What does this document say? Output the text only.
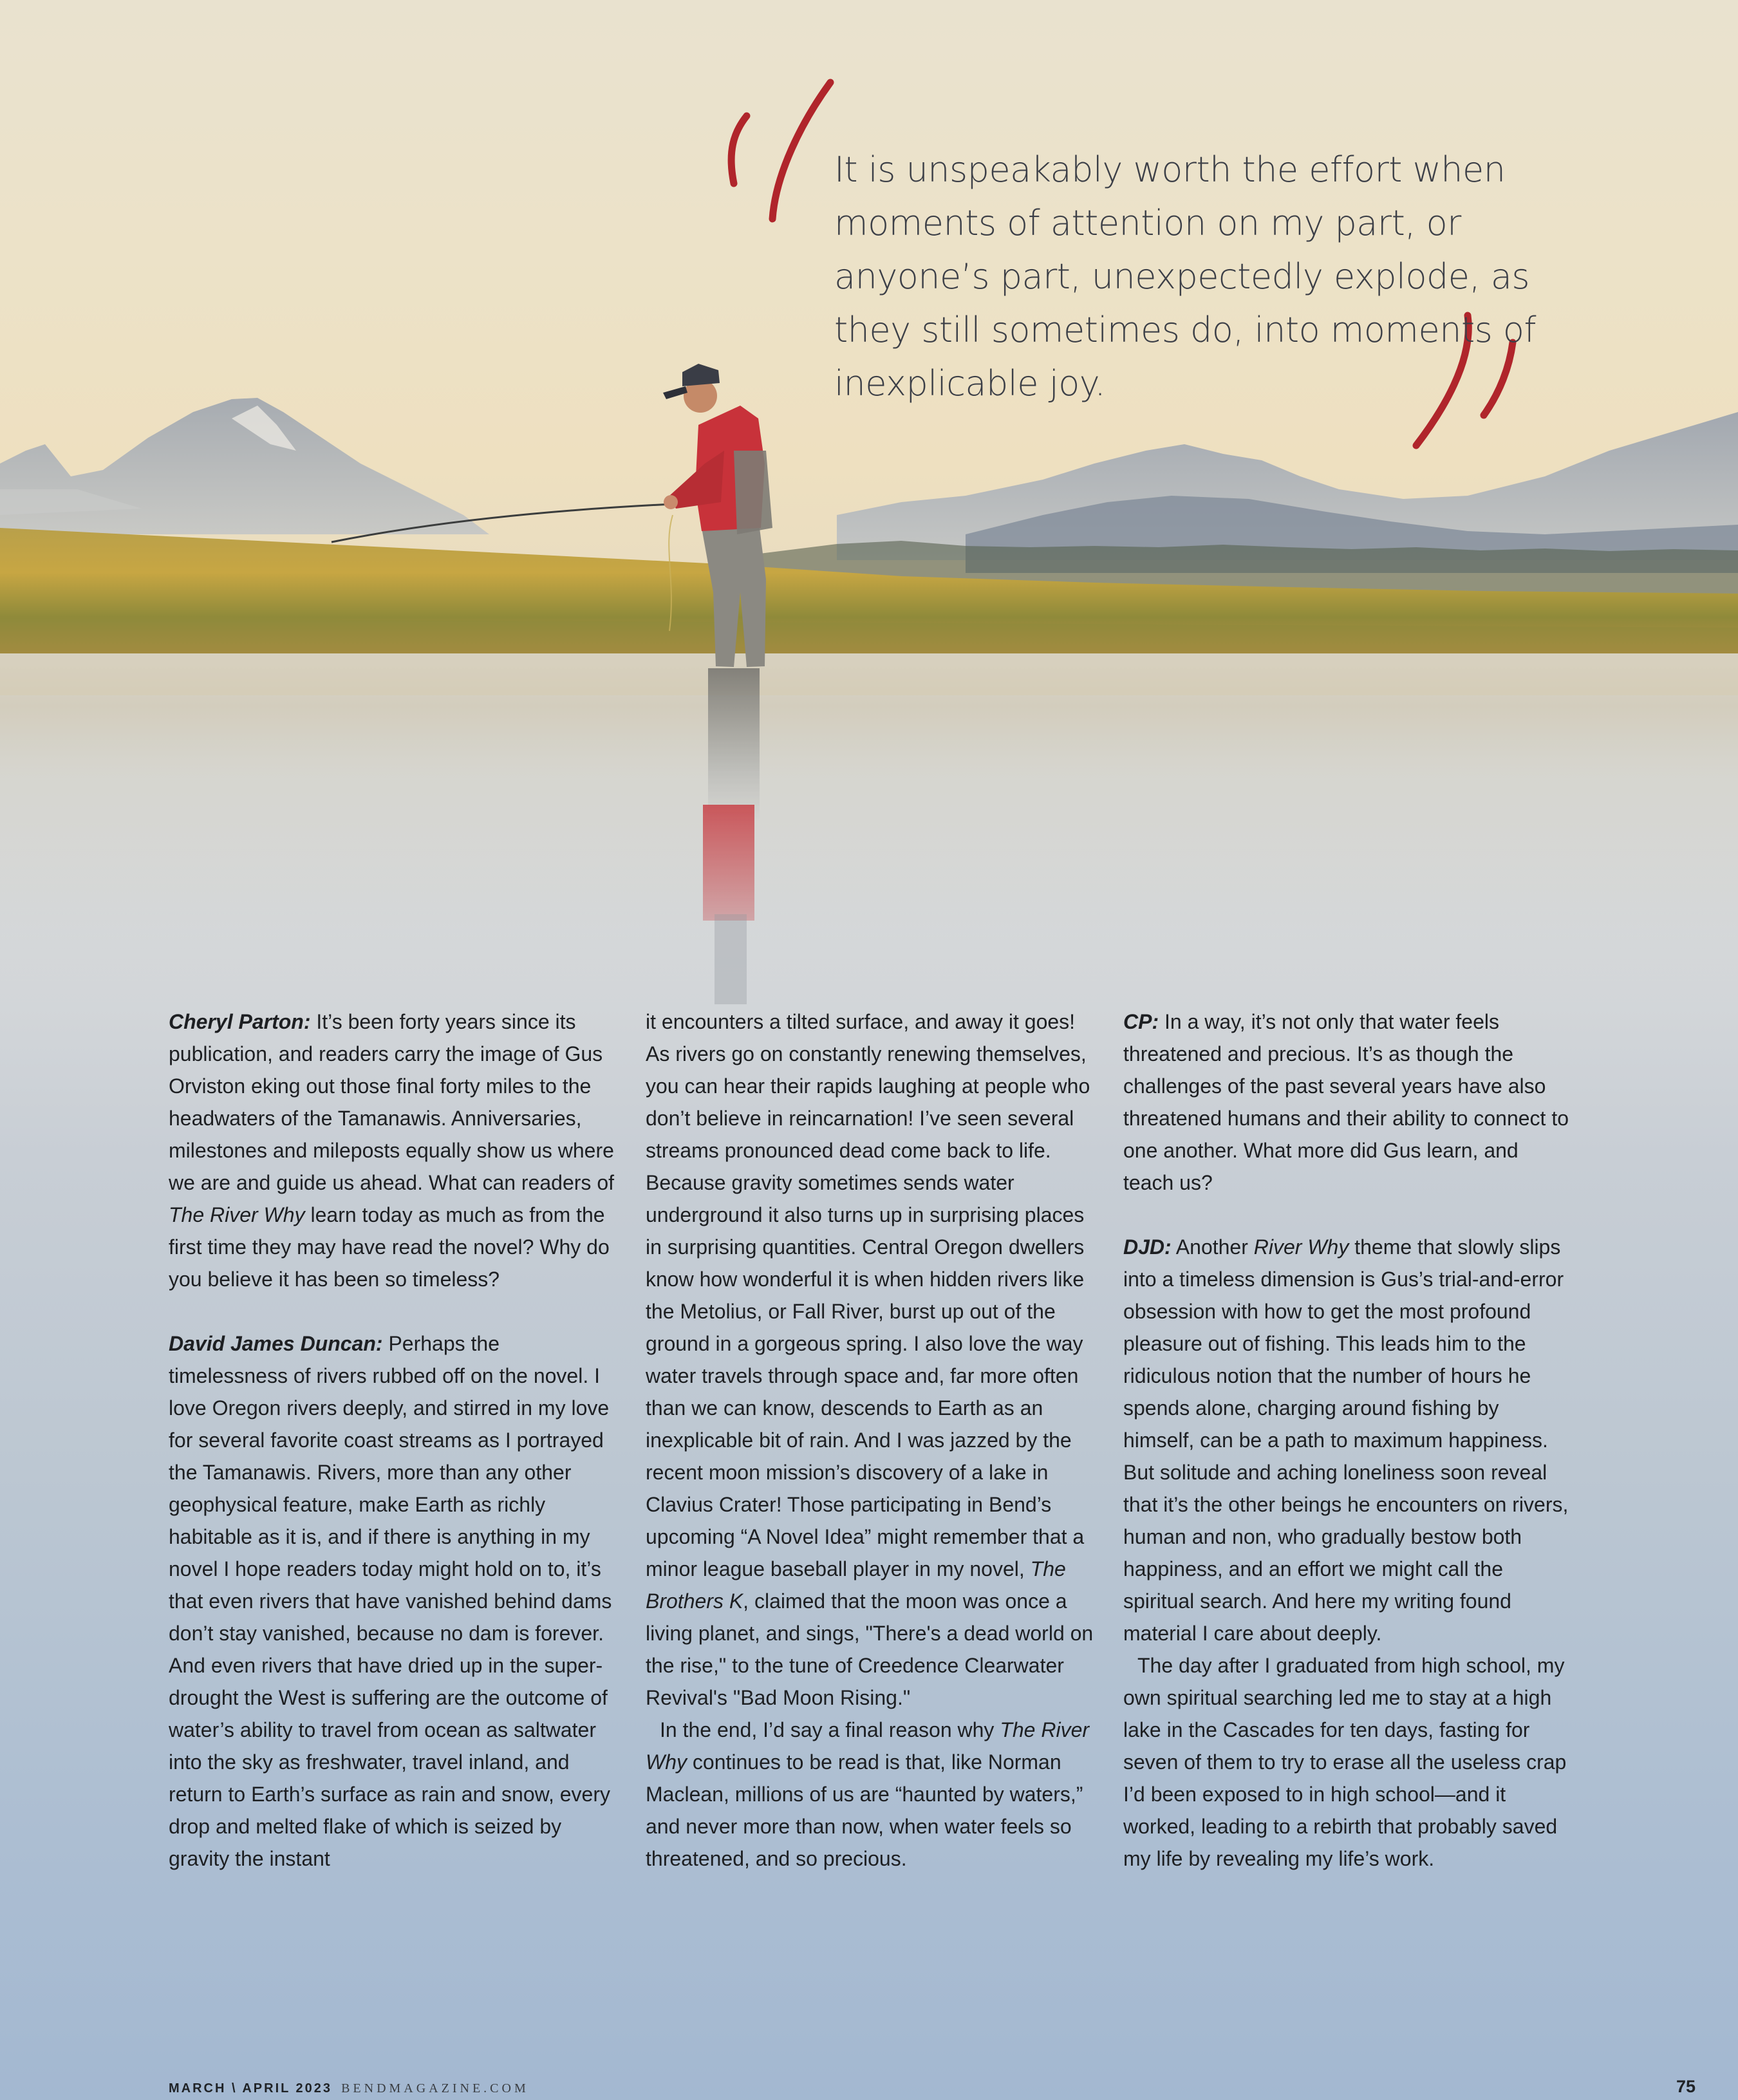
It is unspeakably worth the effort when moments of attention on my part, or anyone’s part, unexpectedly explode, as they still sometimes do, into moments of inexplicable joy.

Cheryl Parton: It’s been forty years since its publication, and readers carry the image of Gus Orviston eking out those final forty miles to the headwaters of the Tamanawis. Anniversaries, milestones and mileposts equally show us where we are and guide us ahead. What can readers of The River Why learn today as much as from the first time they may have read the novel? Why do you believe it has been so timeless?

David James Duncan: Perhaps the timelessness of rivers rubbed off on the novel. I love Oregon rivers deeply, and stirred in my love for several favorite coast streams as I portrayed the Tamanawis. Rivers, more than any other geophysical feature, make Earth as richly habitable as it is, and if there is anything in my novel I hope readers today might hold on to, it’s that even rivers that have vanished behind dams don’t stay vanished, because no dam is forever. And even rivers that have dried up in the super-drought the West is suffering are the outcome of water’s ability to travel from ocean as saltwater into the sky as freshwater, travel inland, and return to Earth’s surface as rain and snow, every drop and melted flake of which is seized by gravity the instant

it encounters a tilted surface, and away it goes! As rivers go on constantly renewing themselves, you can hear their rapids laughing at people who don’t believe in reincarnation! I’ve seen several streams pronounced dead come back to life. Because gravity sometimes sends water underground it also turns up in surprising places in surprising quantities. Central Oregon dwellers know how wonderful it is when hidden rivers like the Metolius, or Fall River, burst up out of the ground in a gorgeous spring. I also love the way water travels through space and, far more often than we can know, descends to Earth as an inexplicable bit of rain. And I was jazzed by the recent moon mission’s discovery of a lake in Clavius Crater! Those participating in Bend’s upcoming “A Novel Idea” might remember that a minor league baseball player in my novel, The Brothers K, claimed that the moon was once a living planet, and sings, "There's a dead world on the rise," to the tune of Creedence Clearwater Revival's "Bad Moon Rising."

In the end, I’d say a final reason why The River Why continues to be read is that, like Norman Maclean, millions of us are “haunted by waters,” and never more than now, when water feels so threatened, and so precious.

CP: In a way, it’s not only that water feels threatened and precious. It’s as though the challenges of the past several years have also threatened humans and their ability to connect to one another. What more did Gus learn, and teach us?

DJD: Another River Why theme that slowly slips into a timeless dimension is Gus’s trial-and-error obsession with how to get the most profound pleasure out of fishing. This leads him to the ridiculous notion that the number of hours he spends alone, charging around fishing by himself, can be a path to maximum happiness. But solitude and aching loneliness soon reveal that it’s the other beings he encounters on rivers, human and non, who gradually bestow both happiness, and an effort we might call the spiritual search. And here my writing found material I care about deeply.

The day after I graduated from high school, my own spiritual searching led me to stay at a high lake in the Cascades for ten days, fasting for seven of them to try to erase all the useless crap I’d been exposed to in high school—and it worked, leading to a rebirth that probably saved my life by revealing my life’s work.

MARCH \ APRIL 2023 BENDMAGAZINE.COM	75
